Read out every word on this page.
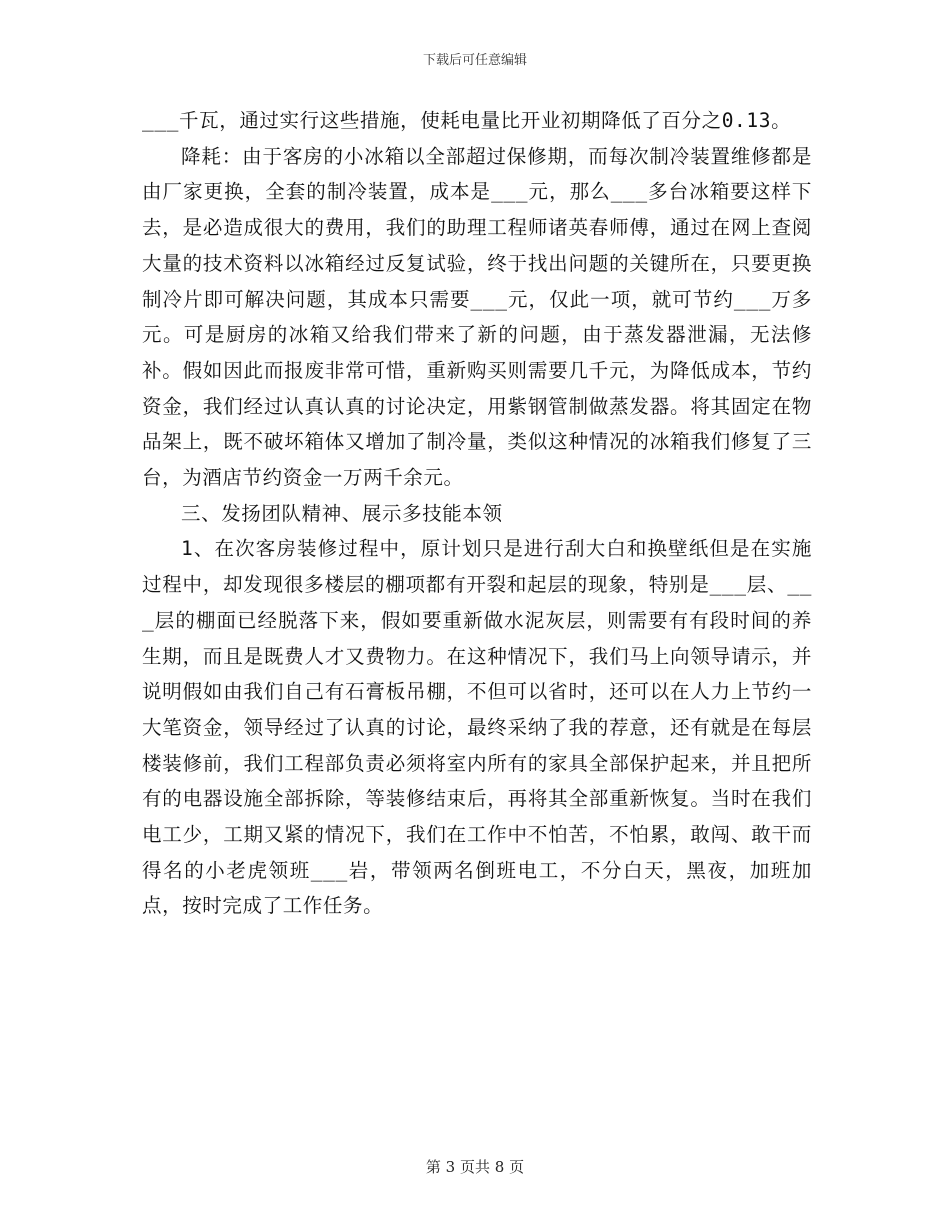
下载后可任意编辑

___千瓦，通过实行这些措施，使耗电量比开业初期降低了百分之0.13。

降耗：由于客房的小冰箱以全部超过保修期，而每次制冷装置维修都是由厂家更换，全套的制冷装置，成本是___元，那么___多台冰箱要这样下去，是必造成很大的费用，我们的助理工程师诸英春师傅，通过在网上查阅大量的技术资料以冰箱经过反复试验，终于找出问题的关键所在，只要更换制冷片即可解决问题，其成本只需要___元，仅此一项，就可节约___万多元。可是厨房的冰箱又给我们带来了新的问题，由于蒸发器泄漏，无法修补。假如因此而报废非常可惜，重新购买则需要几千元，为降低成本，节约资金，我们经过认真认真的讨论决定，用紫钢管制做蒸发器。将其固定在物品架上，既不破坏箱体又增加了制冷量，类似这种情况的冰箱我们修复了三台，为酒店节约资金一万两千余元。

三、发扬团队精神、展示多技能本领

1、在次客房装修过程中，原计划只是进行刮大白和换壁纸但是在实施过程中，却发现很多楼层的棚项都有开裂和起层的现象，特别是___层、___层的棚面已经脱落下来，假如要重新做水泥灰层，则需要有有段时间的养生期，而且是既费人才又费物力。在这种情况下，我们马上向领导请示，并说明假如由我们自己有石膏板吊棚，不但可以省时，还可以在人力上节约一大笔资金，领导经过了认真的讨论，最终采纳了我的荐意，还有就是在每层楼装修前，我们工程部负责必须将室内所有的家具全部保护起来，并且把所有的电器设施全部拆除，等装修结束后，再将其全部重新恢复。当时在我们电工少，工期又紧的情况下，我们在工作中不怕苦，不怕累，敢闯、敢干而得名的小老虎领班___岩，带领两名倒班电工，不分白天，黑夜，加班加点，按时完成了工作任务。

第 3 页共 8 页
